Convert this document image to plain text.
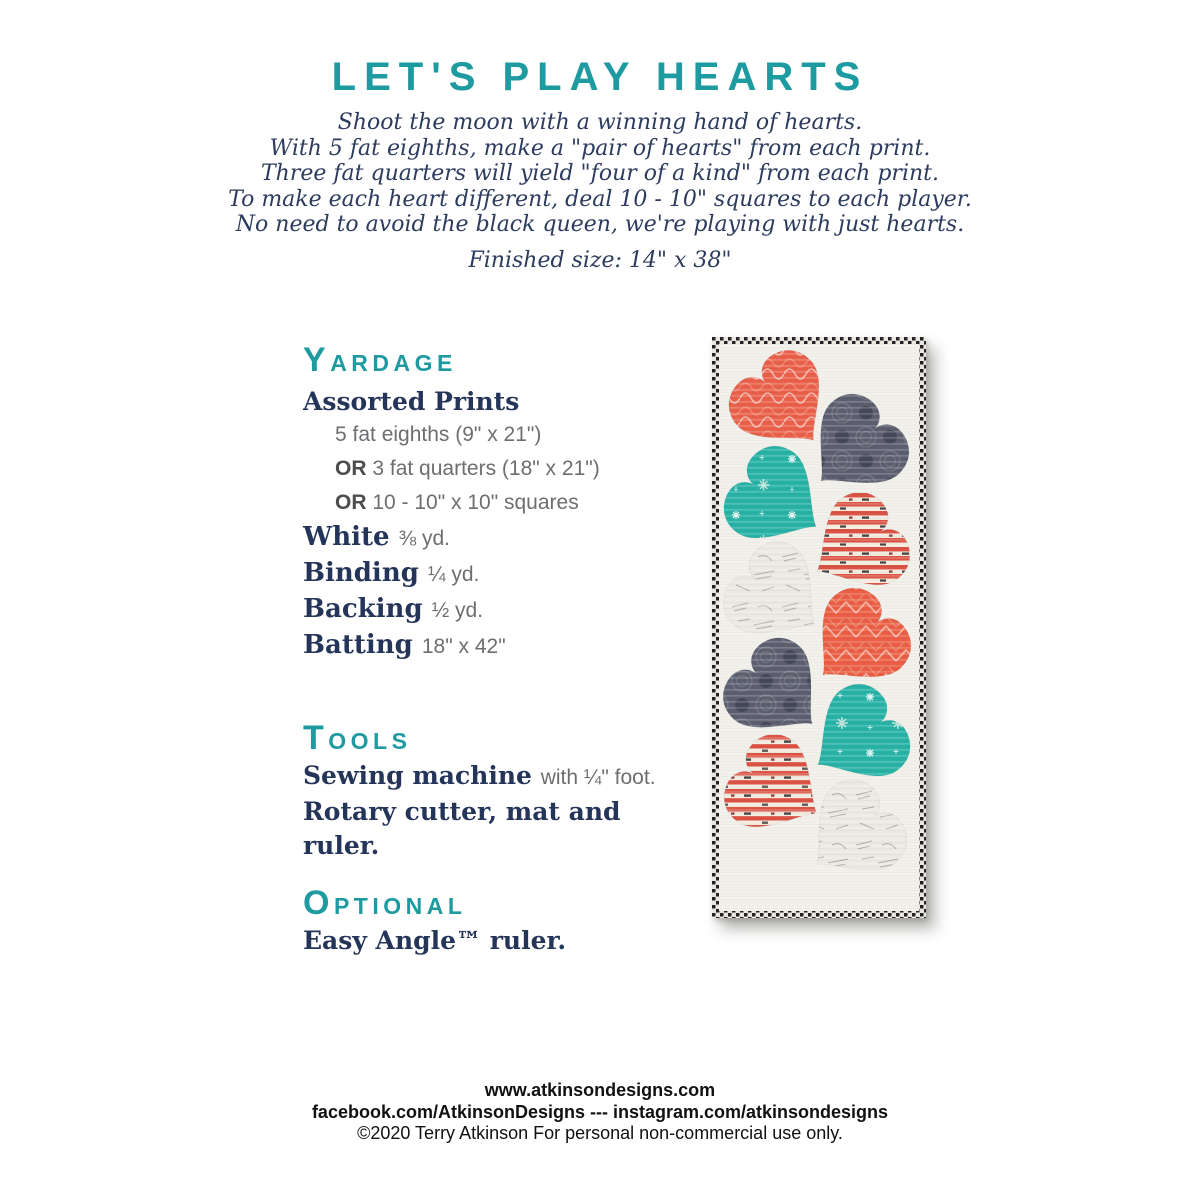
LET'S PLAY HEARTS
Shoot the moon with a winning hand of hearts.
With 5 fat eighths, make a "pair of hearts" from each print.
Three fat quarters will yield "four of a kind" from each print.
To make each heart different, deal 10 - 10" squares to each player.
No need to avoid the black queen, we're playing with just hearts.
Finished size: 14" x 38"
YARDAGE
Assorted Prints
5 fat eighths (9" x 21")
OR 3 fat quarters (18" x 21")
OR 10 - 10" x 10" squares
White ⅜ yd.
Binding ¼ yd.
Backing ½ yd.
Batting 18" x 42"
TOOLS
Sewing machine with ¼" foot.
Rotary cutter, mat and ruler.
OPTIONAL
Easy Angle™ ruler.
www.atkinsondesigns.com
facebook.com/AtkinsonDesigns --- instagram.com/atkinsondesigns
©2020 Terry Atkinson For personal non-commercial use only.
